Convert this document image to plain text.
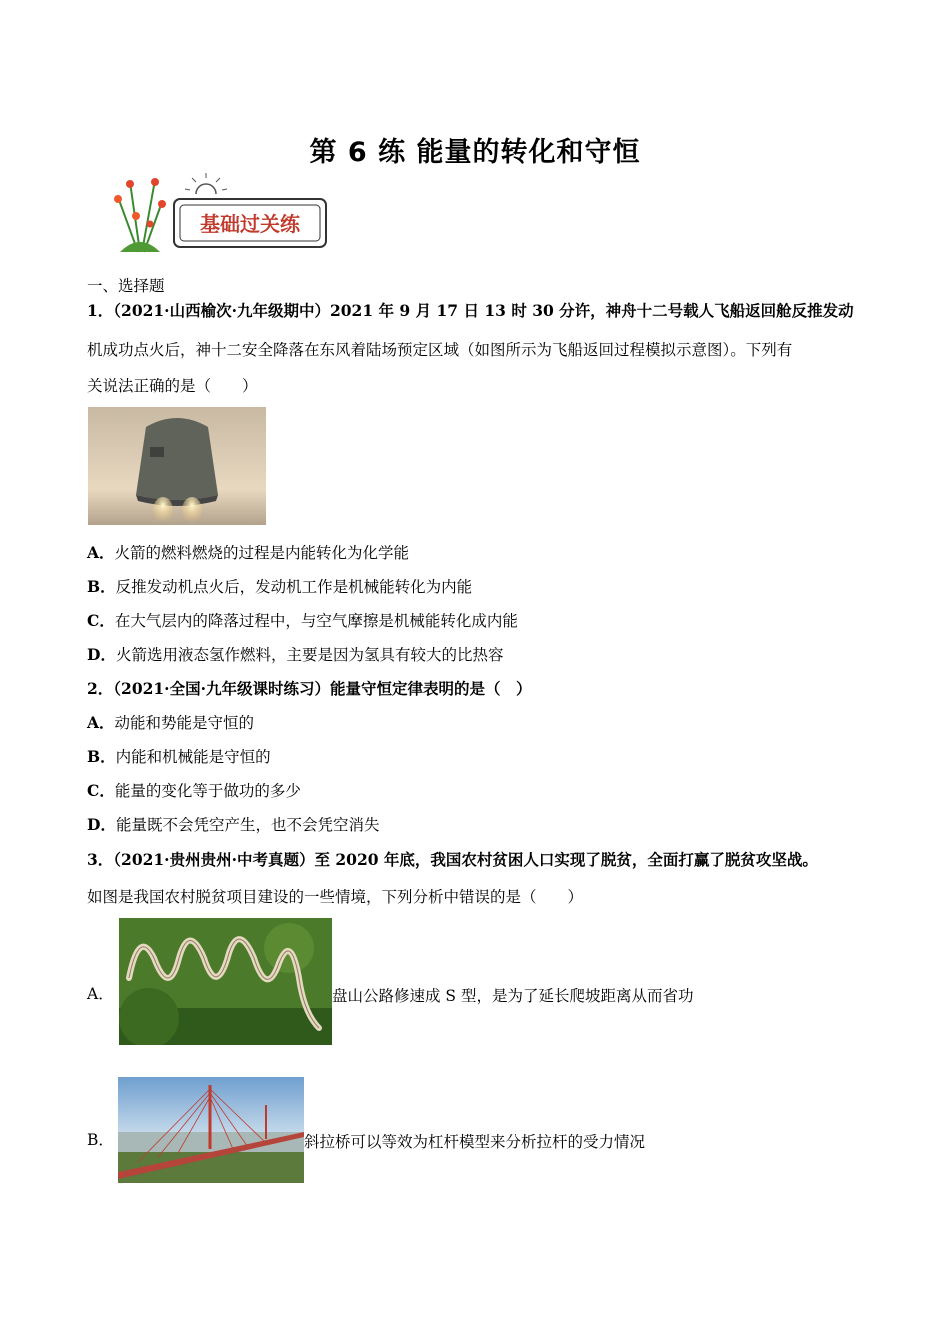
第 6 练 能量的转化和守恒
基础过关练
一、选择题
1．（2021·山西榆次·九年级期中）2021 年 9 月 17 日 13 时 30 分许，神舟十二号载人飞船返回舱反推发动
机成功点火后，神十二安全降落在东风着陆场预定区域（如图所示为飞船返回过程模拟示意图）。下列有
关说法正确的是（　　）
A．火箭的燃料燃烧的过程是内能转化为化学能
B．反推发动机点火后，发动机工作是机械能转化为内能
C．在大气层内的降落过程中，与空气摩擦是机械能转化成内能
D．火箭选用液态氢作燃料，主要是因为氢具有较大的比热容
2．（2021·全国·九年级课时练习）能量守恒定律表明的是（　）
A．动能和势能是守恒的
B．内能和机械能是守恒的
C．能量的变化等于做功的多少
D．能量既不会凭空产生，也不会凭空消失
3．（2021·贵州贵州·中考真题）至 2020 年底，我国农村贫困人口实现了脱贫，全面打赢了脱贫攻坚战。
如图是我国农村脱贫项目建设的一些情境，下列分析中错误的是（　　）
A．	盘山公路修速成 S 型，是为了延长爬坡距离从而省功
B．	斜拉桥可以等效为杠杆模型来分析拉杆的受力情况
